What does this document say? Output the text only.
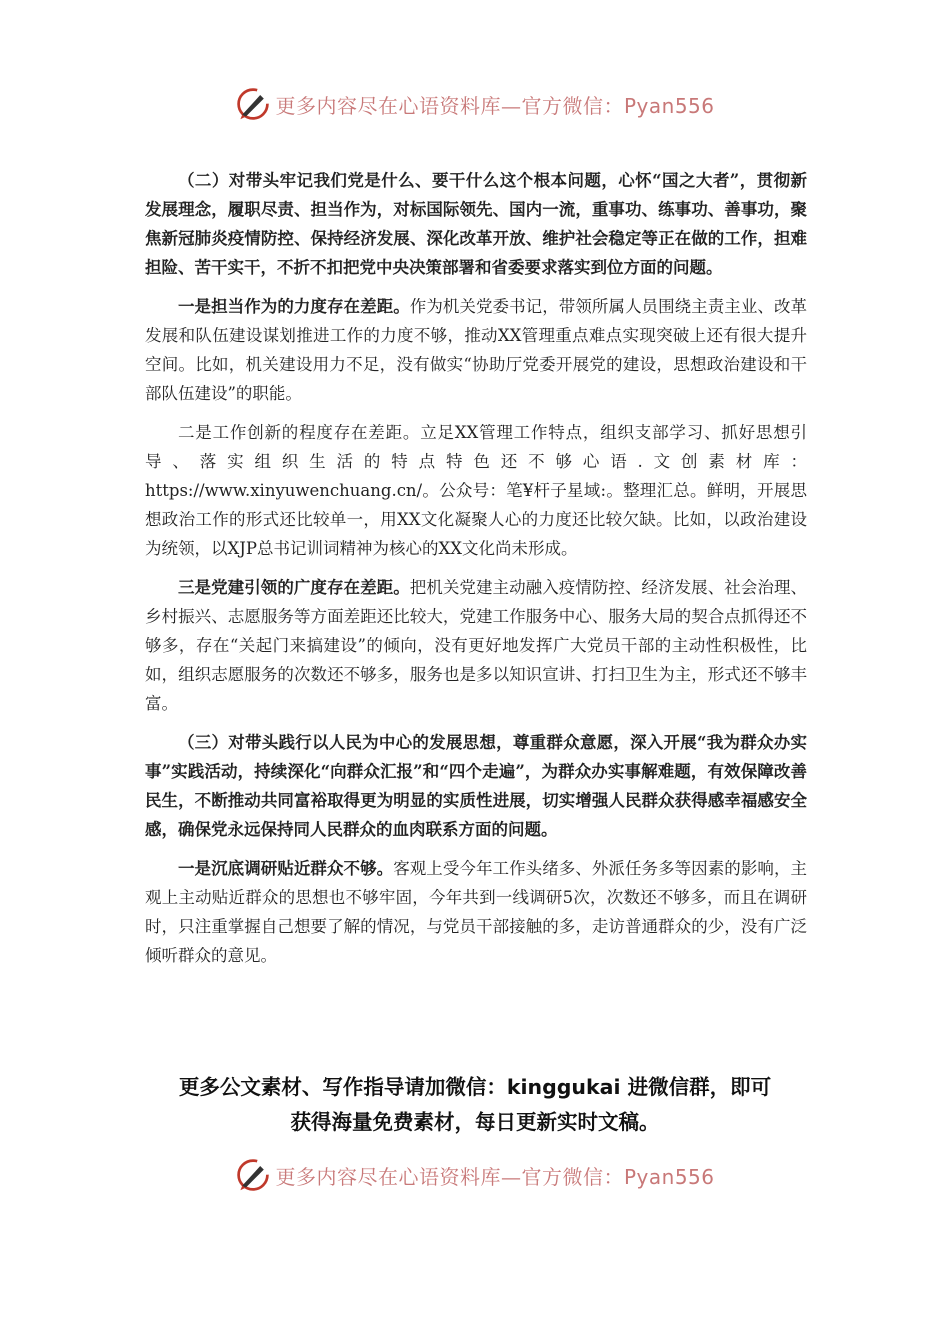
更多内容尽在心语资料库—官方微信：Pyan556

（二）对带头牢记我们党是什么、要干什么这个根本问题，心怀“国之大者”，贯彻新发展理念，履职尽责、担当作为，对标国际领先、国内一流，重事功、练事功、善事功，聚焦新冠肺炎疫情防控、保持经济发展、深化改革开放、维护社会稳定等正在做的工作，担难担险、苦干实干，不折不扣把党中央决策部署和省委要求落实到位方面的问题。

一是担当作为的力度存在差距。作为机关党委书记，带领所属人员围绕主责主业、改革发展和队伍建设谋划推进工作的力度不够，推动XX管理重点难点实现突破上还有很大提升空间。比如，机关建设用力不足，没有做实“协助厅党委开展党的建设，思想政治建设和干部队伍建设”的职能。

二是工作创新的程度存在差距。立足XX管理工作特点，组织支部学习、抓好思想引导、落实组织生活的特点特色还不够心语.文创素材库：https://www.xinyuwenchuang.cn/。公众号：笔¥杆子星域:。整理汇总。鲜明，开展思想政治工作的形式还比较单一，用XX文化凝聚人心的力度还比较欠缺。比如，以政治建设为统领，以XJP总书记训词精神为核心的XX文化尚未形成。

三是党建引领的广度存在差距。把机关党建主动融入疫情防控、经济发展、社会治理、乡村振兴、志愿服务等方面差距还比较大，党建工作服务中心、服务大局的契合点抓得还不够多，存在“关起门来搞建设”的倾向，没有更好地发挥广大党员干部的主动性积极性，比如，组织志愿服务的次数还不够多，服务也是多以知识宣讲、打扫卫生为主，形式还不够丰富。

（三）对带头践行以人民为中心的发展思想，尊重群众意愿，深入开展“我为群众办实事”实践活动，持续深化“向群众汇报”和“四个走遍”，为群众办实事解难题，有效保障改善民生，不断推动共同富裕取得更为明显的实质性进展，切实增强人民群众获得感幸福感安全感，确保党永远保持同人民群众的血肉联系方面的问题。

一是沉底调研贴近群众不够。客观上受今年工作头绪多、外派任务多等因素的影响，主观上主动贴近群众的思想也不够牢固，今年共到一线调研5次，次数还不够多，而且在调研时，只注重掌握自己想要了解的情况，与党员干部接触的多，走访普通群众的少，没有广泛倾听群众的意见。

更多公文素材、写作指导请加微信：kinggukai 进微信群，即可
获得海量免费素材，每日更新实时文稿。
更多内容尽在心语资料库—官方微信：Pyan556
